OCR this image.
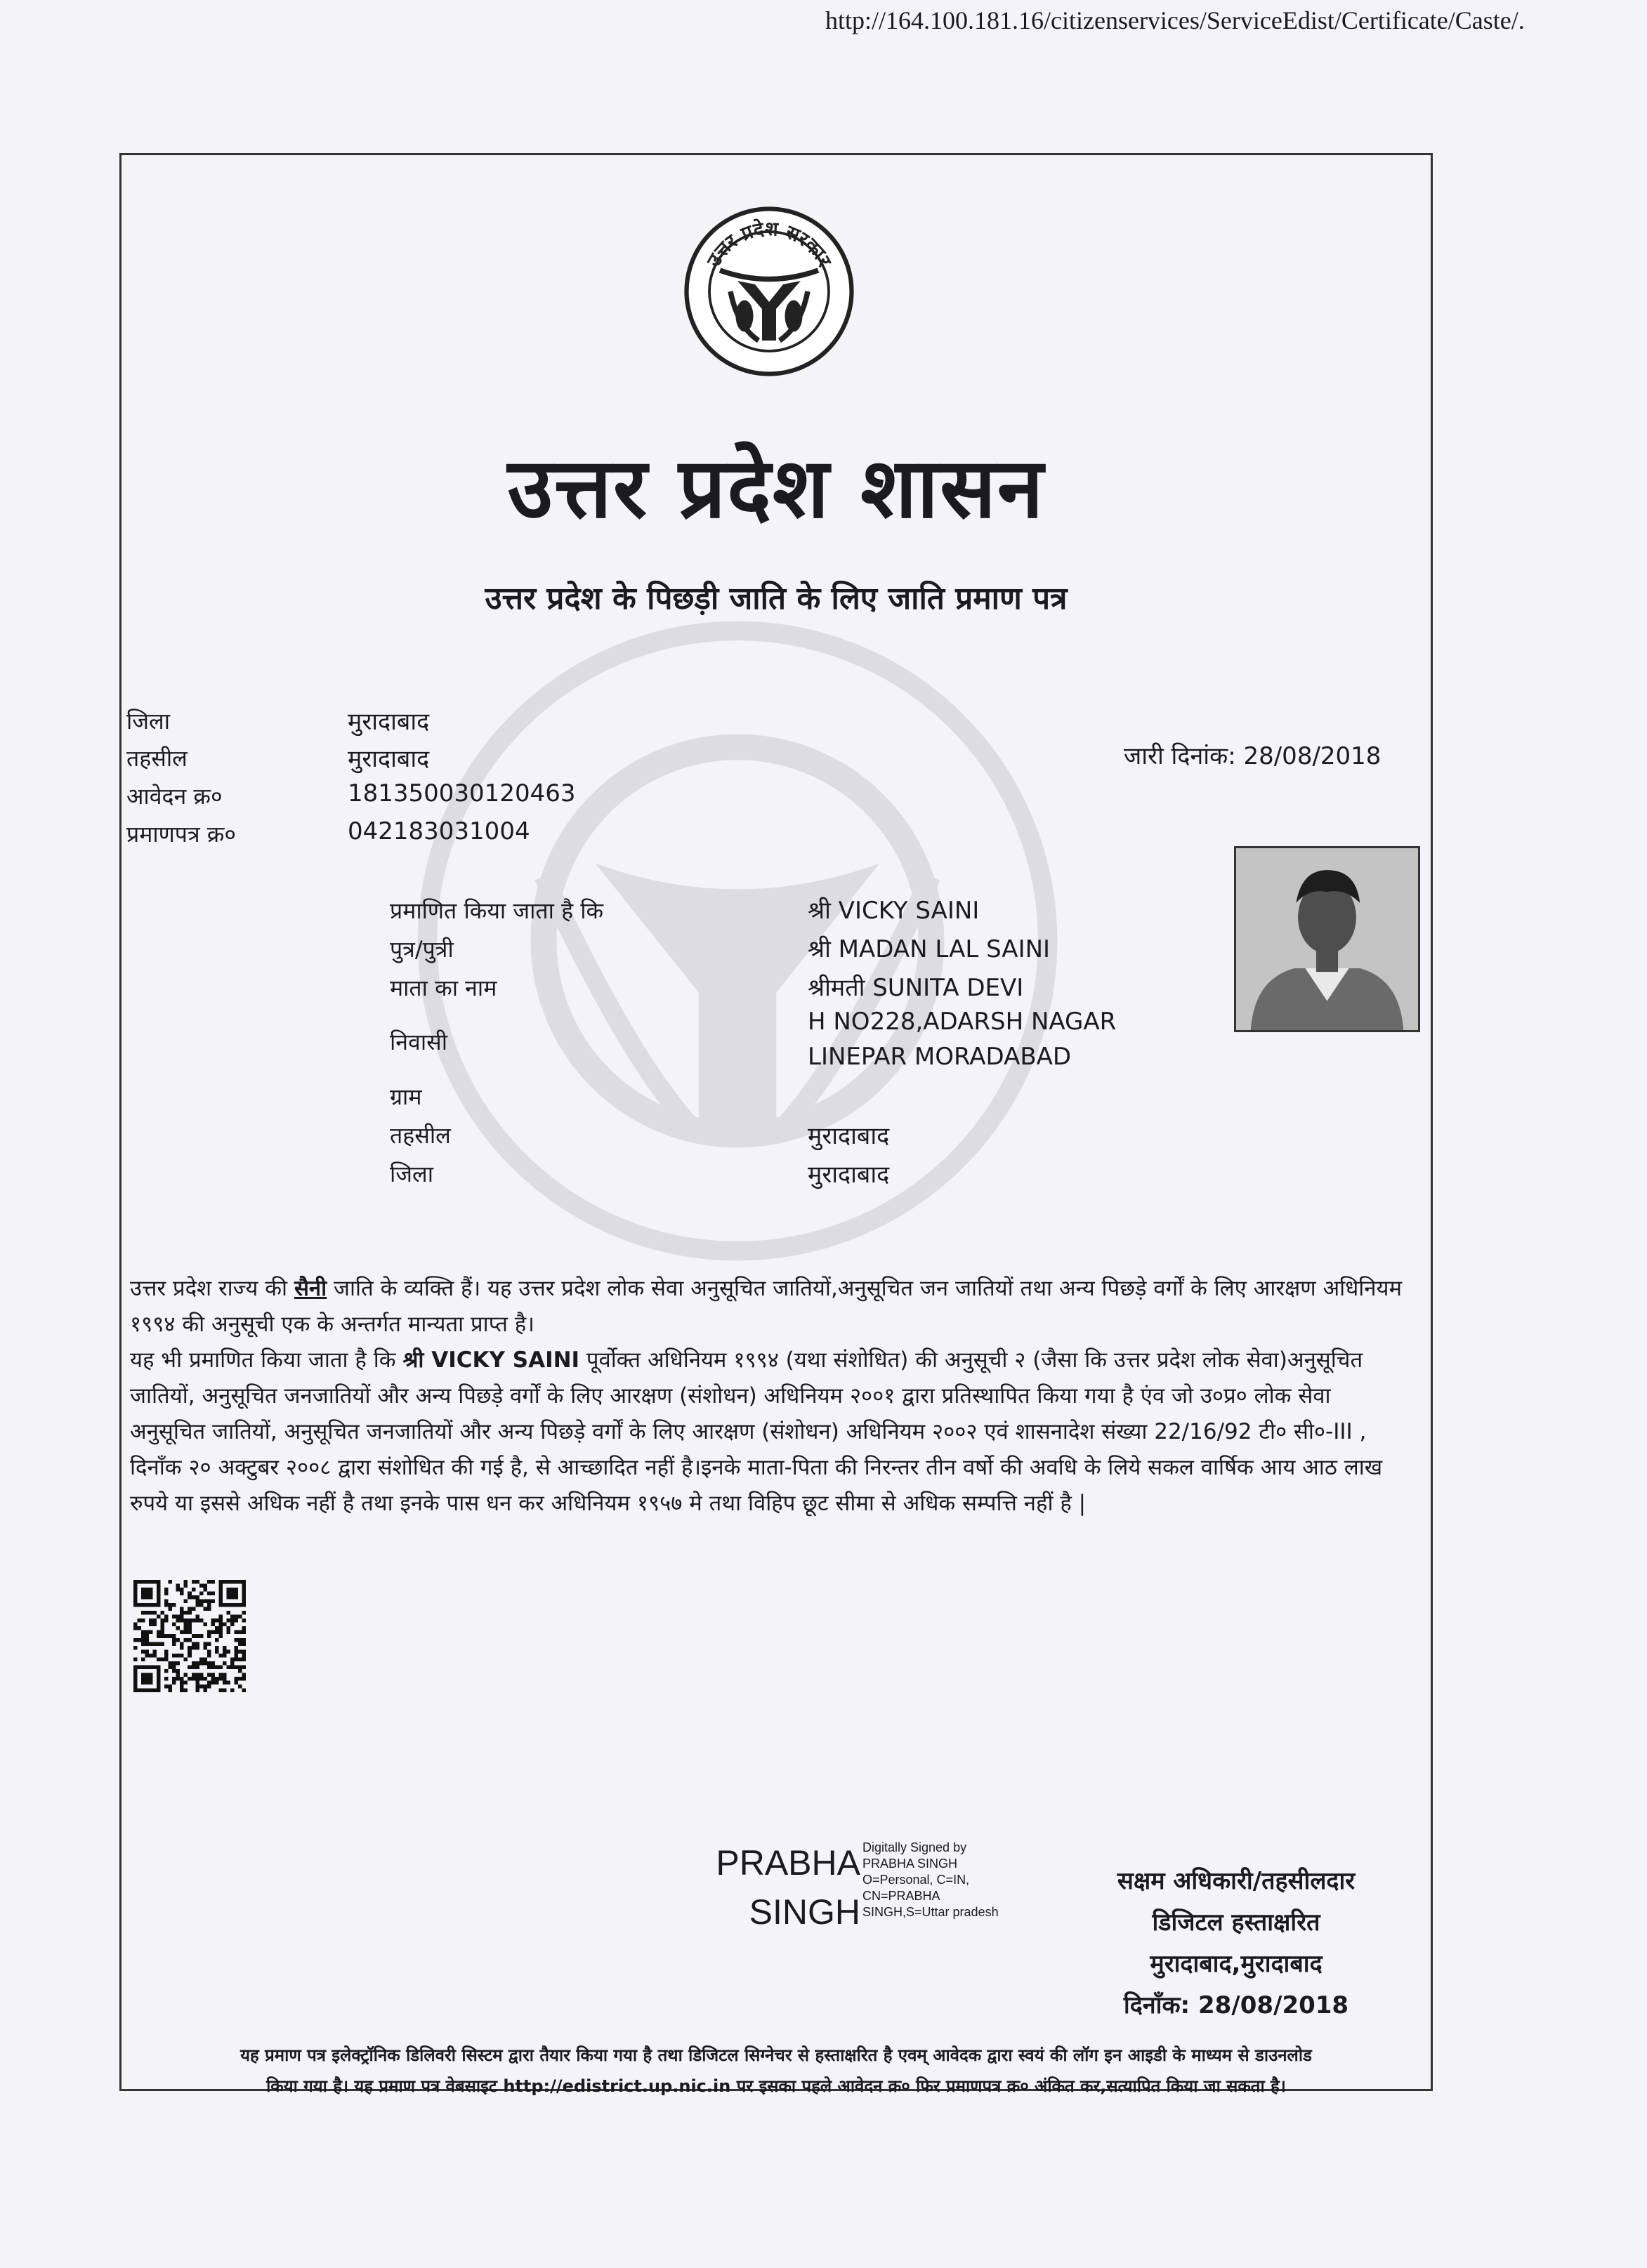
http://164.100.181.16/citizenservices/ServiceEdist/Certificate/Caste/.
उत्तर प्रदेश सरकार
उत्तर प्रदेश शासन
उत्तर प्रदेश के पिछड़ी जाति के लिए जाति प्रमाण पत्र
जिला	मुरादाबाद
तहसील	मुरादाबाद
आवेदन क्र०	181350030120463
प्रमाणपत्र क्र०	042183031004
जारी दिनांक: 28/08/2018
प्रमाणित किया जाता है कि	श्री VICKY SAINI
पुत्र/पुत्री	श्री MADAN LAL SAINI
माता का नाम	श्रीमती SUNITA DEVI
निवासी
H NO228,ADARSH NAGAR
LINEPAR MORADABAD
ग्राम
तहसील	मुरादाबाद
जिला	मुरादाबाद
उत्तर प्रदेश राज्य की सैनी जाति के व्यक्ति हैं। यह उत्तर प्रदेश लोक सेवा अनुसूचित जातियों,अनुसूचित जन जातियों तथा अन्य पिछड़े वर्गों के लिए आरक्षण अधिनियम १९९४ की अनुसूची एक के अन्तर्गत मान्यता प्राप्त है।
यह भी प्रमाणित किया जाता है कि श्री VICKY SAINI पूर्वोक्त अधिनियम १९९४ (यथा संशोधित) की अनुसूची २ (जैसा कि उत्तर प्रदेश लोक सेवा)अनुसूचित जातियों, अनुसूचित जनजातियों और अन्य पिछड़े वर्गों के लिए आरक्षण (संशोधन) अधिनियम २००१ द्वारा प्रतिस्थापित किया गया है एंव जो उ०प्र० लोक सेवा अनुसूचित जातियों, अनुसूचित जनजातियों और अन्य पिछड़े वर्गों के लिए आरक्षण (संशोधन) अधिनियम २००२ एवं शासनादेश संख्या 22/16/92 टी० सी०-III , दिनाँक २० अक्टुबर २००८ द्वारा संशोधित की गई है, से आच्छादित नहीं है।इनके माता-पिता की निरन्तर तीन वर्षो की अवधि के लिये सकल वार्षिक आय आठ लाख रुपये या इससे अधिक नहीं है तथा इनके पास धन कर अधिनियम १९५७ मे तथा विहिप छूट सीमा से अधिक सम्पत्ति नहीं है |
PRABHA
SINGH
Digitally Signed by
PRABHA SINGH
O=Personal, C=IN,
CN=PRABHA
SINGH,S=Uttar pradesh
सक्षम अधिकारी/तहसीलदार
डिजिटल हस्ताक्षरित
मुरादाबाद,मुरादाबाद
दिनाँक: 28/08/2018
यह प्रमाण पत्र इलेक्ट्रॉनिक डिलिवरी सिस्टम द्वारा तैयार किया गया है तथा डिजिटल सिग्नेचर से हस्ताक्षरित है एवम् आवेदक द्वारा स्वयं की लॉग इन आइडी के माध्यम से डाउनलोड
किया गया है। यह प्रमाण पत्र वेबसाइट http://edistrict.up.nic.in पर इसका पहले आवेदन क्र० फिर प्रमाणपत्र क्र० अंकित कर,सत्यापित किया जा सकता है।
